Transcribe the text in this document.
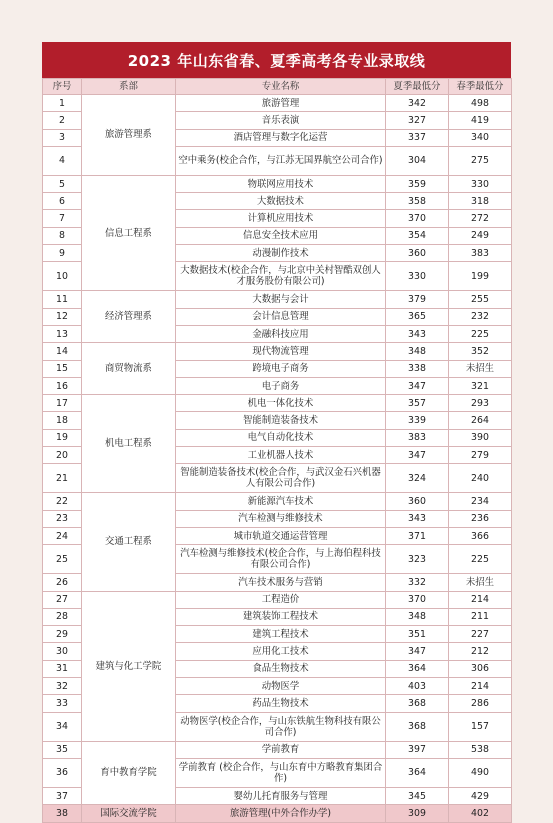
2023 年山东省春、夏季高考各专业录取线
序号	系部	专业名称	夏季最低分	春季最低分
1	旅游管理系	旅游管理	342	498
2		音乐表演	327	419
3		酒店管理与数字化运营	337	340
4		空中乘务(校企合作，与江苏无国界航空公司合作)	304	275
5	信息工程系	物联网应用技术	359	330
6		大数据技术	358	318
7		计算机应用技术	370	272
8		信息安全技术应用	354	249
9		动漫制作技术	360	383
10		大数据技术(校企合作，与北京中关村智酷双创人才服务股份有限公司)	330	199
11	经济管理系	大数据与会计	379	255
12		会计信息管理	365	232
13		金融科技应用	343	225
14	商贸物流系	现代物流管理	348	352
15		跨境电子商务	338	未招生
16		电子商务	347	321
17	机电工程系	机电一体化技术	357	293
18		智能制造装备技术	339	264
19		电气自动化技术	383	390
20		工业机器人技术	347	279
21		智能制造装备技术(校企合作，与武汉金石兴机器人有限公司合作)	324	240
22	交通工程系	新能源汽车技术	360	234
23		汽车检测与维修技术	343	236
24		城市轨道交通运营管理	371	366
25		汽车检测与维修技术(校企合作，与上海伯程科技有限公司合作)	323	225
26		汽车技术服务与营销	332	未招生
27	建筑与化工学院	工程造价	370	214
28		建筑装饰工程技术	348	211
29		建筑工程技术	351	227
30		应用化工技术	347	212
31		食品生物技术	364	306
32		动物医学	403	214
33		药品生物技术	368	286
34		动物医学(校企合作，与山东铁航生物科技有限公司合作)	368	157
35	育中教育学院	学前教育	397	538
36		学前教育 (校企合作，与山东育中方略教育集团合作)	364	490
37		婴幼儿托育服务与管理	345	429
38	国际交流学院	旅游管理(中外合作办学)	309	402
